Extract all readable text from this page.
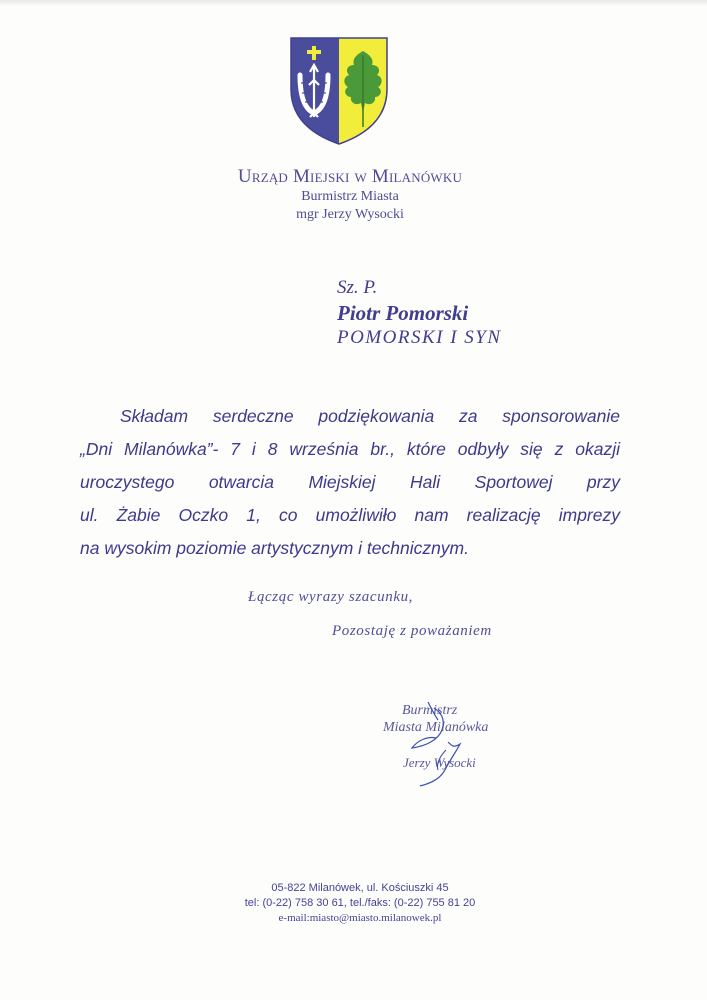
Urząd Miejski w Milanówku
Burmistrz Miasta
mgr Jerzy Wysocki
Sz. P.
Piotr Pomorski
POMORSKI I SYN
Składam serdeczne podziękowania za sponsorowanie
„Dni Milanówka”- 7 i 8 września br., które odbyły się z okazji
uroczystego otwarcia Miejskiej Hali Sportowej przy
ul. Żabie Oczko 1, co umożliwiło nam realizację imprezy
na wysokim poziomie artystycznym i technicznym.
Łącząc wyrazy szacunku,
Pozostaję z poważaniem
Burmistrz
Miasta Milanówka
Jerzy Wysocki
05-822 Milanówek, ul. Kościuszki 45
tel: (0-22) 758 30 61, tel./faks: (0-22) 755 81 20
e-mail:miasto@miasto.milanowek.pl
